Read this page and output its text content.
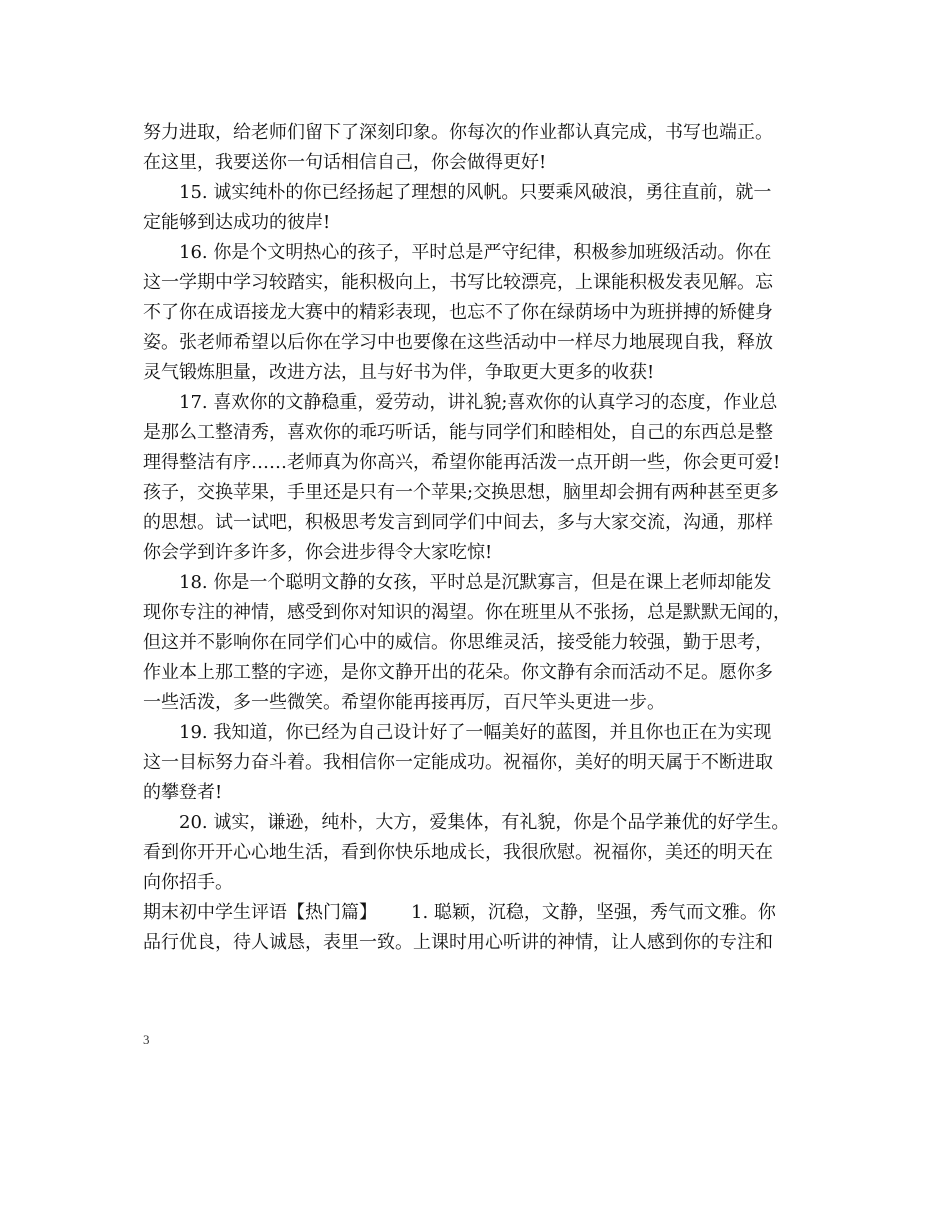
努力进取，给老师们留下了深刻印象。你每次的作业都认真完成，书写也端正。
在这里，我要送你一句话相信自己，你会做得更好!
15. 诚实纯朴的你已经扬起了理想的风帆。只要乘风破浪，勇往直前，就一
定能够到达成功的彼岸!
16. 你是个文明热心的孩子，平时总是严守纪律，积极参加班级活动。你在
这一学期中学习较踏实，能积极向上，书写比较漂亮，上课能积极发表见解。忘
不了你在成语接龙大赛中的精彩表现，也忘不了你在绿荫场中为班拼搏的矫健身
姿。张老师希望以后你在学习中也要像在这些活动中一样尽力地展现自我，释放
灵气锻炼胆量，改进方法，且与好书为伴，争取更大更多的收获!
17. 喜欢你的文静稳重，爱劳动，讲礼貌;喜欢你的认真学习的态度，作业总
是那么工整清秀，喜欢你的乖巧听话，能与同学们和睦相处，自己的东西总是整
理得整洁有序……老师真为你高兴，希望你能再活泼一点开朗一些，你会更可爱!
孩子，交换苹果，手里还是只有一个苹果;交换思想，脑里却会拥有两种甚至更多
的思想。试一试吧，积极思考发言到同学们中间去，多与大家交流，沟通，那样
你会学到许多许多，你会进步得令大家吃惊!
18. 你是一个聪明文静的女孩，平时总是沉默寡言，但是在课上老师却能发
现你专注的神情，感受到你对知识的渴望。你在班里从不张扬，总是默默无闻的，
但这并不影响你在同学们心中的威信。你思维灵活，接受能力较强，勤于思考，
作业本上那工整的字迹，是你文静开出的花朵。你文静有余而活动不足。愿你多
一些活泼，多一些微笑。希望你能再接再厉，百尺竿头更进一步。
19. 我知道，你已经为自己设计好了一幅美好的蓝图，并且你也正在为实现
这一目标努力奋斗着。我相信你一定能成功。祝福你，美好的明天属于不断进取
的攀登者!
20. 诚实，谦逊，纯朴，大方，爱集体，有礼貌，你是个品学兼优的好学生。
看到你开开心心地生活，看到你快乐地成长，我很欣慰。祝福你，美还的明天在
向你招手。
期末初中学生评语【热门篇】 1. 聪颖，沉稳，文静，坚强，秀气而文雅。你
品行优良，待人诚恳，表里一致。上课时用心听讲的神情，让人感到你的专注和
3
